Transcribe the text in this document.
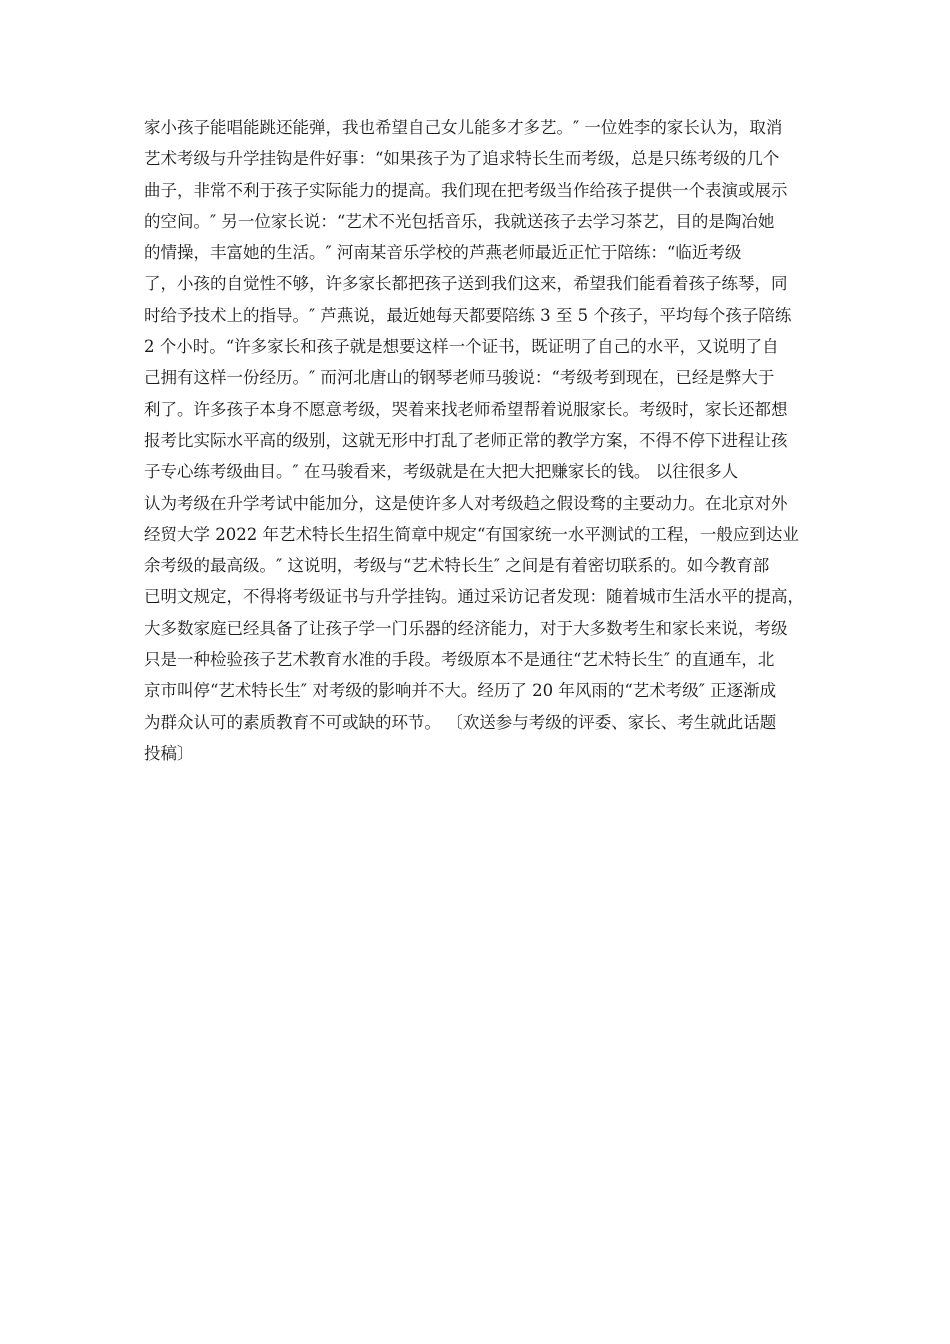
家小孩子能唱能跳还能弹，我也希望自己女儿能多才多艺。″ 一位姓李的家长认为，取消
艺术考级与升学挂钩是件好事：“如果孩子为了追求特长生而考级，总是只练考级的几个
曲子，非常不利于孩子实际能力的提高。我们现在把考级当作给孩子提供一个表演或展示
的空间。″ 另一位家长说：“艺术不光包括音乐，我就送孩子去学习茶艺，目的是陶冶她
的情操，丰富她的生活。″ 河南某音乐学校的芦燕老师最近正忙于陪练：“临近考级
了，小孩的自觉性不够，许多家长都把孩子送到我们这来，希望我们能看着孩子练琴，同
时给予技术上的指导。″ 芦燕说，最近她每天都要陪练 3 至 5 个孩子，平均每个孩子陪练
2 个小时。“许多家长和孩子就是想要这样一个证书，既证明了自己的水平，又说明了自
己拥有这样一份经历。″ 而河北唐山的钢琴老师马骏说：“考级考到现在，已经是弊大于
利了。许多孩子本身不愿意考级，哭着来找老师希望帮着说服家长。考级时，家长还都想
报考比实际水平高的级别，这就无形中打乱了老师正常的教学方案，不得不停下进程让孩
子专心练考级曲目。″ 在马骏看来，考级就是在大把大把赚家长的钱。 以往很多人
认为考级在升学考试中能加分，这是使许多人对考级趋之假设骛的主要动力。在北京对外
经贸大学 2022 年艺术特长生招生简章中规定“有国家统一水平测试的工程，一般应到达业
余考级的最高级。″ 这说明，考级与“艺术特长生″ 之间是有着密切联系的。如今教育部
已明文规定，不得将考级证书与升学挂钩。通过采访记者发现：随着城市生活水平的提高，
大多数家庭已经具备了让孩子学一门乐器的经济能力，对于大多数考生和家长来说，考级
只是一种检验孩子艺术教育水准的手段。考级原本不是通往“艺术特长生″ 的直通车，北
京市叫停“艺术特长生″ 对考级的影响并不大。经历了 20 年风雨的“艺术考级″ 正逐渐成
为群众认可的素质教育不可或缺的环节。 〔欢送参与考级的评委、家长、考生就此话题
投稿〕
